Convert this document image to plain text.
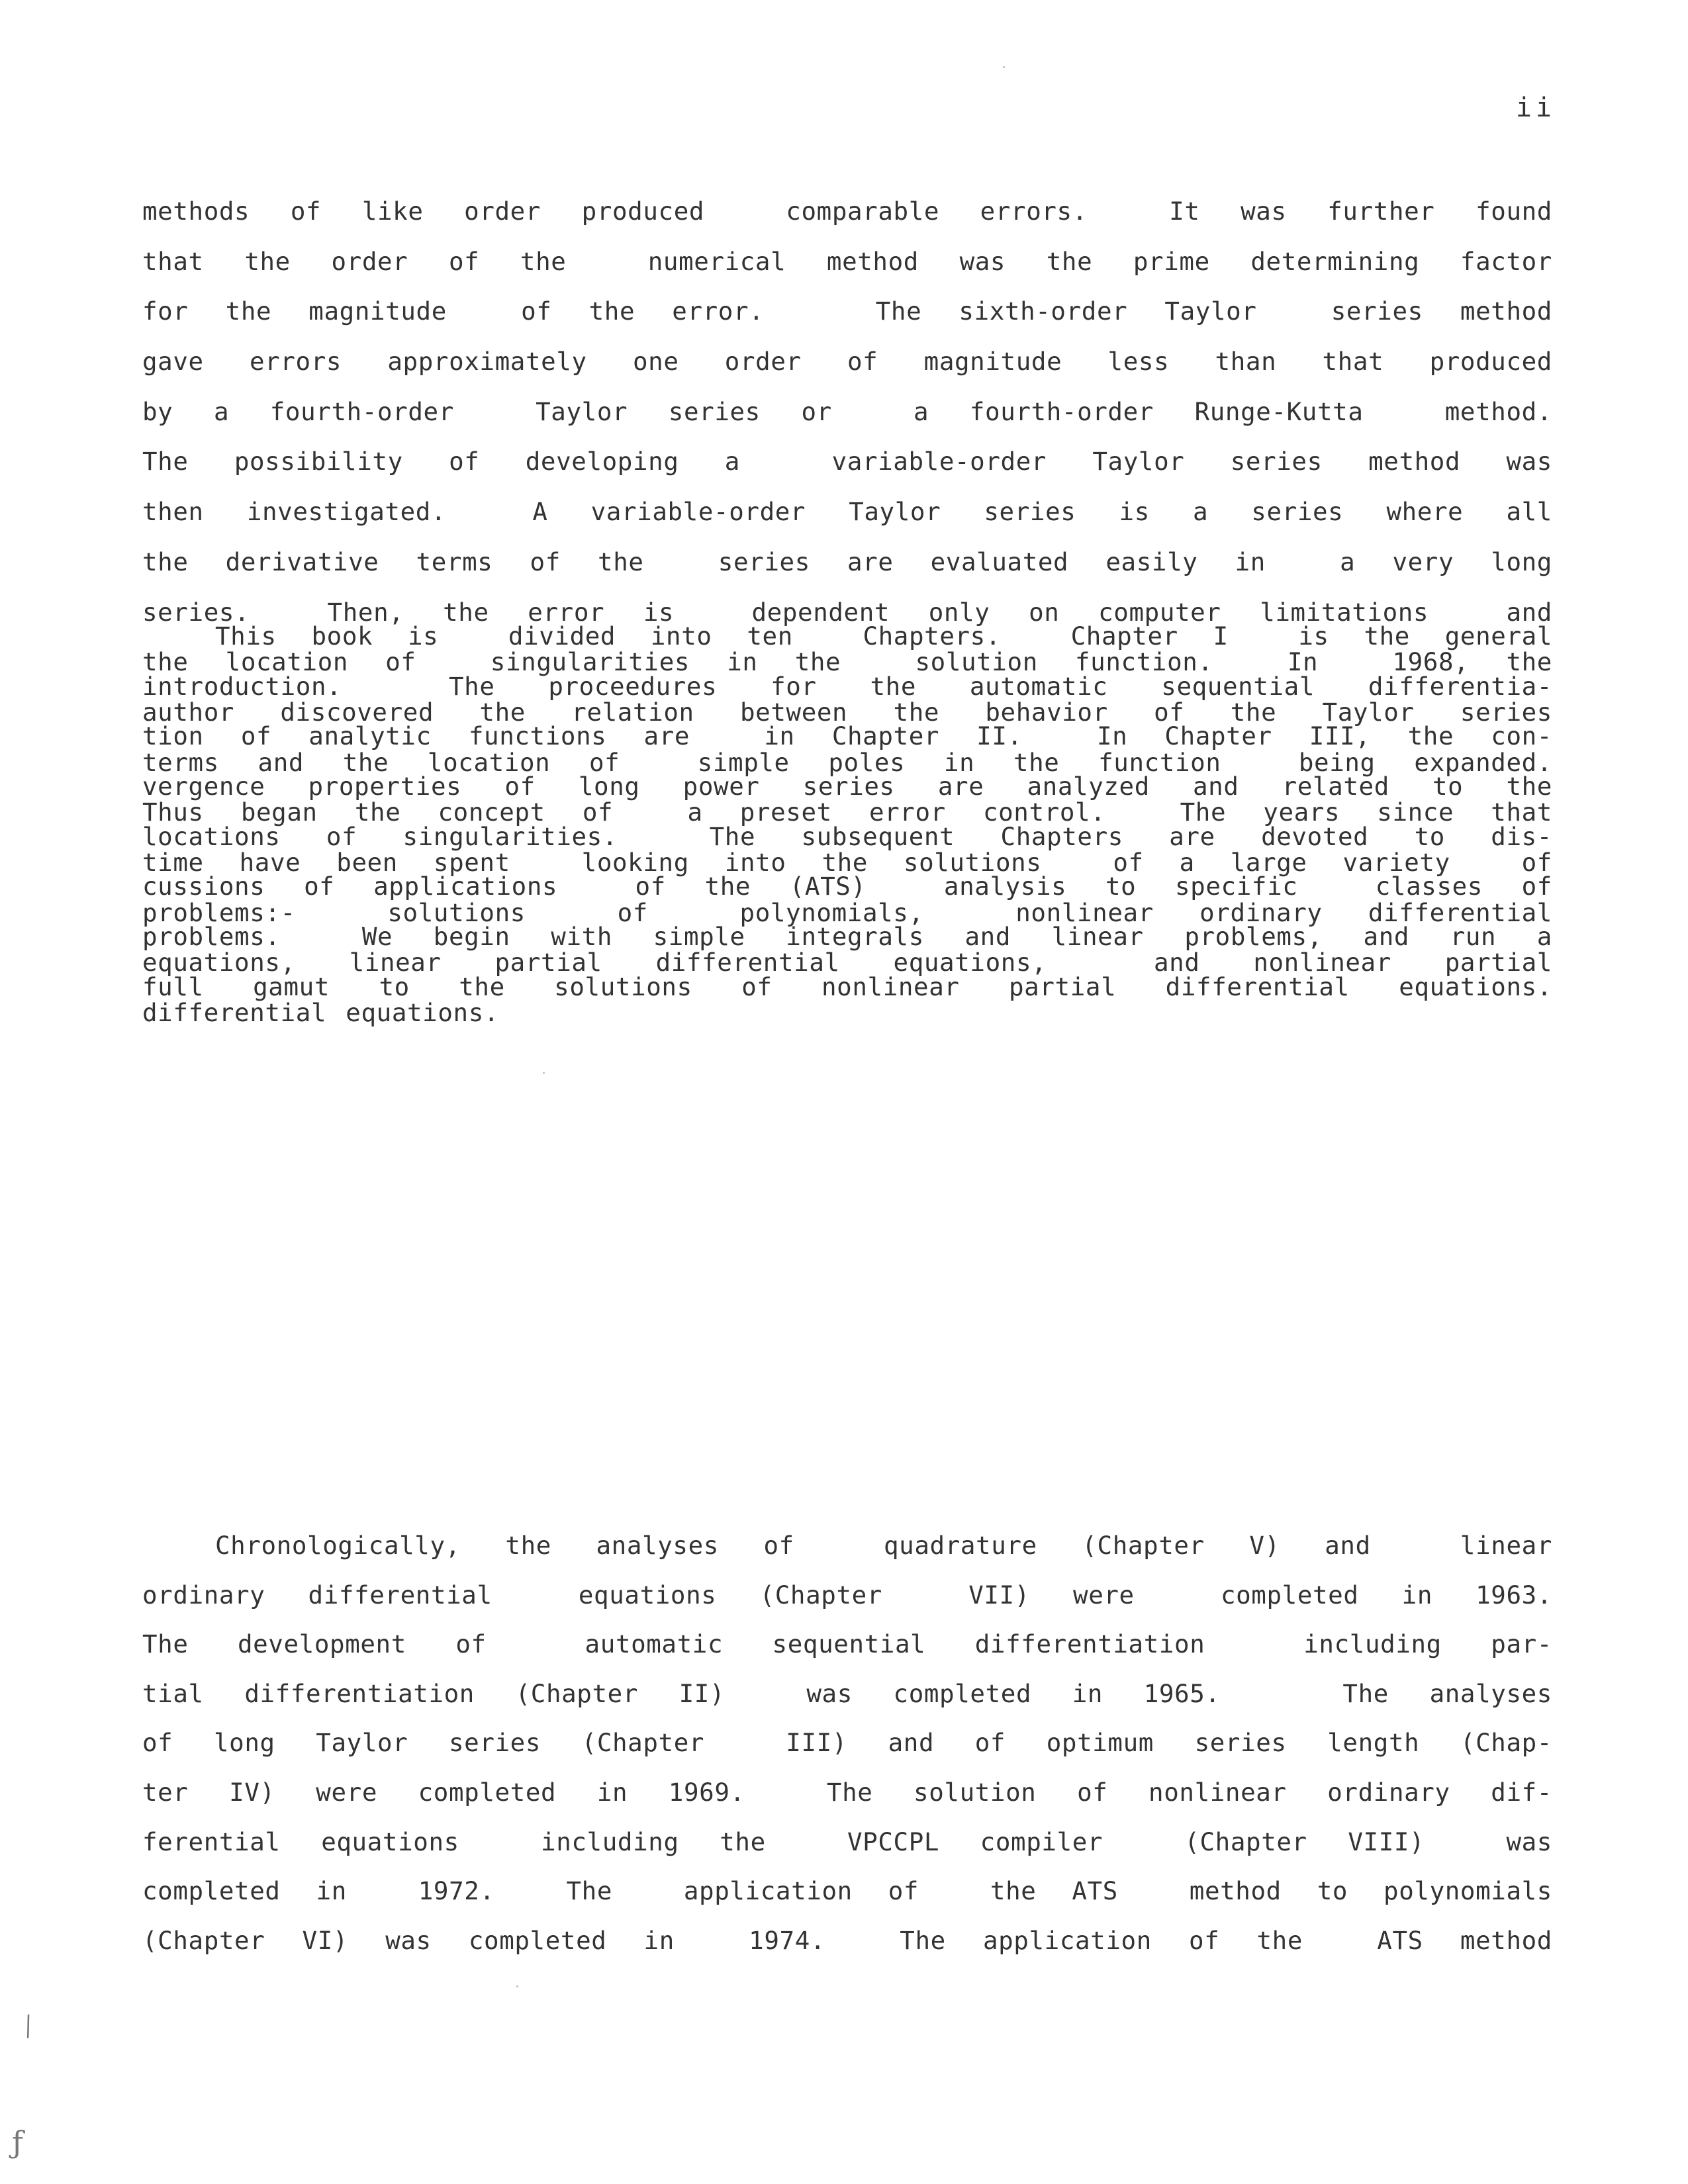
ii
methods of like order produced  comparable errors.  It was further found
that the order of the  numerical method was the prime determining factor
for the magnitude  of the error.   The sixth-order Taylor  series method
gave errors approximately one order of magnitude less than that produced
by a fourth-order  Taylor series or  a fourth-order Runge-Kutta  method.
The possibility of developing a  variable-order Taylor series method was
then investigated.  A variable-order Taylor series is a series where all
the derivative terms of the  series are evaluated easily in  a very long
series.  Then, the error is  dependent only on computer limitations  and
the location of  singularities in the  solution function.  In  1968, the
author discovered the relation between the behavior of the Taylor series
terms and the location of  simple poles in the function  being expanded.
Thus began the concept of  a preset error control.  The years since that
time have been spent  looking into the solutions  of a large variety  of
problems:-  solutions  of  polynomials,  nonlinear ordinary differential
equations, linear partial differential equations,  and nonlinear partial
differential equations.
This book is  divided into ten  Chapters.  Chapter I  is the general
introduction.  The proceedures for the automatic sequential differentia-
tion of analytic functions are  in Chapter II.  In Chapter III, the con-
vergence properties of long power series are analyzed and related to the
locations of singularities.  The subsequent Chapters are devoted to dis-
cussions of applications  of the (ATS)  analysis to specific  classes of
problems.  We begin with simple integrals and linear problems, and run a
full gamut to the solutions of nonlinear partial differential equations.
Chronologically, the analyses of  quadrature (Chapter V) and  linear
ordinary differential  equations (Chapter  VII) were  completed in 1963.
The development of  automatic sequential differentiation  including par-
tial differentiation (Chapter II)  was completed in 1965.   The analyses
of long Taylor series (Chapter  III) and of optimum series length (Chap-
ter IV) were completed in 1969.  The solution of nonlinear ordinary dif-
ferential equations  including the  VPCCPL compiler  (Chapter VIII)  was
completed in  1972.  The  application of  the ATS  method to polynomials
(Chapter VI) was completed in  1974.  The application of the  ATS method
⁄
ƒ
